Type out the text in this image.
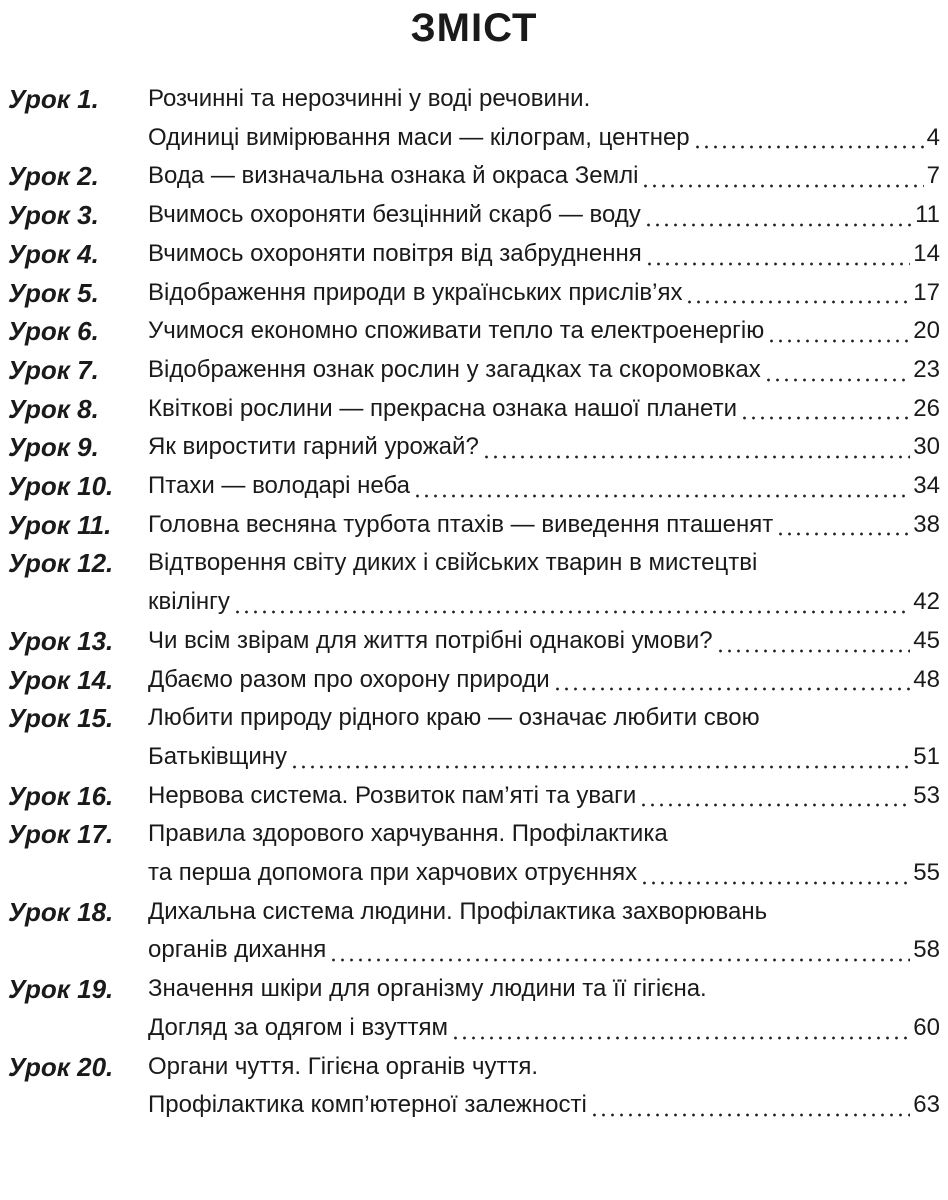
ЗМІСТ
Урок 1.	Розчинні та нерозчинні у воді речовини.
Одиниці вимірювання маси — кілограм, центнер	4
Урок 2.	Вода — визначальна ознака й окраса Землі	7
Урок 3.	Вчимось охороняти безцінний скарб — воду	11
Урок 4.	Вчимось охороняти повітря від забруднення	14
Урок 5.	Відображення природи в українських прислів’ях	17
Урок 6.	Учимося економно споживати тепло та електроенергію	20
Урок 7.	Відображення ознак рослин у загадках та скоромовках	23
Урок 8.	Квіткові рослини — прекрасна ознака нашої планети	26
Урок 9.	Як виростити гарний урожай?	30
Урок 10.	Птахи — володарі неба	34
Урок 11.	Головна весняна турбота птахів — виведення пташенят	38
Урок 12.	Відтворення світу диких і свійських тварин в мистецтві
квілінгу	42
Урок 13.	Чи всім звірам для життя потрібні однакові умови?	45
Урок 14.	Дбаємо разом про охорону природи	48
Урок 15.	Любити природу рідного краю — означає любити свою
Батьківщину	51
Урок 16.	Нервова система. Розвиток пам’яті та уваги	53
Урок 17.	Правила здорового харчування. Профілактика
та перша допомога при харчових отруєннях	55
Урок 18.	Дихальна система людини. Профілактика захворювань
органів дихання	58
Урок 19.	Значення шкіри для організму людини та її гігієна.
Догляд за одягом і взуттям	60
Урок 20.	Органи чуття. Гігієна органів чуття.
Профілактика комп’ютерної залежності	63
